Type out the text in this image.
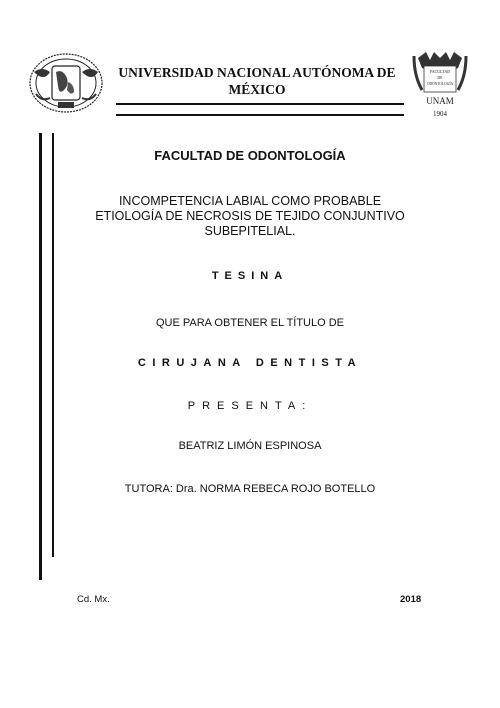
UNIVERSIDAD NACIONAL AUTÓNOMA DE
MÉXICO
FACULTAD
DE
ODONTOLOGÍA
UNAM
1904
FACULTAD DE ODONTOLOGÍA
INCOMPETENCIA LABIAL COMO PROBABLE
ETIOLOGÍA DE NECROSIS DE TEJIDO CONJUNTIVO
SUBEPITELIAL.
TESINA
QUE PARA OBTENER EL TÍTULO DE
CIRUJANA DENTISTA
PRESENTA:
BEATRIZ LIMÓN ESPINOSA
TUTORA: Dra. NORMA REBECA ROJO BOTELLO
Cd. Mx.	2018
